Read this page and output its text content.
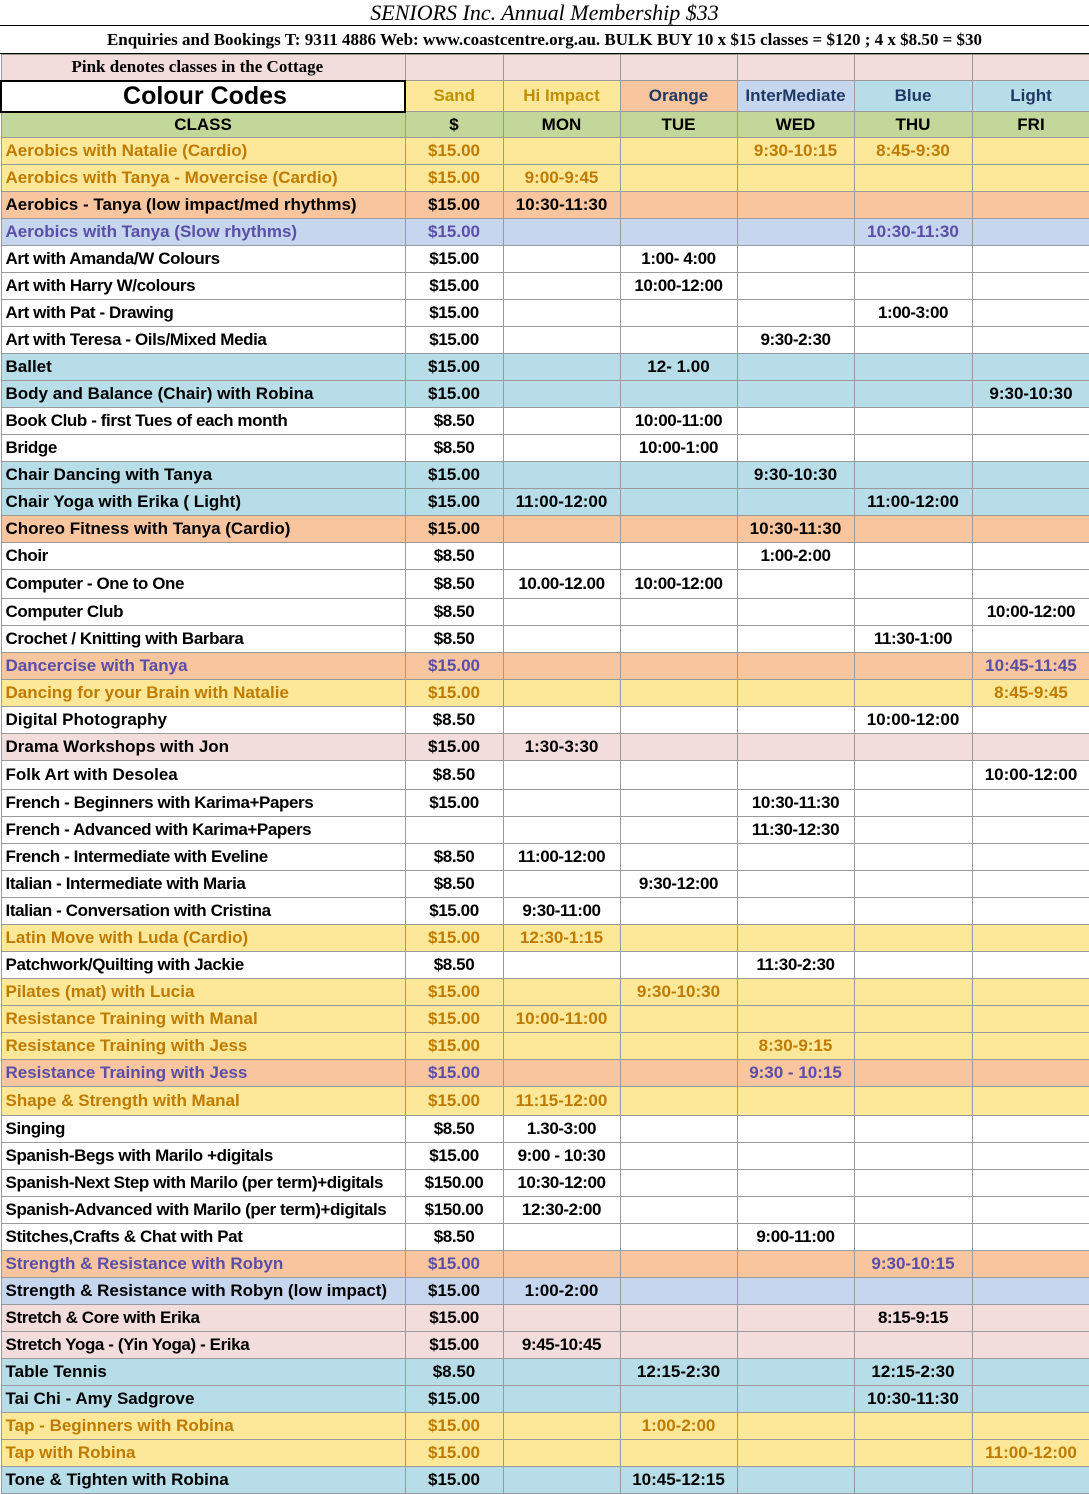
SENIORS Inc. Annual Membership $33
Enquiries and Bookings T: 9311 4886 Web: www.coastcentre.org.au. BULK BUY 10 x $15 classes = $120 ; 4 x $8.50 = $30
Pink denotes classes in the Cottage						
Colour Codes	Sand	Hi Impact	Orange	InterMediate	Blue	Light
CLASS	$	MON	TUE	WED	THU	FRI
Aerobics with Natalie (Cardio)	$15.00			9:30-10:15	8:45-9:30	
Aerobics with Tanya - Movercise (Cardio)	$15.00	9:00-9:45				
Aerobics - Tanya (low impact/med rhythms)	$15.00	10:30-11:30				
Aerobics with Tanya (Slow rhythms)	$15.00				10:30-11:30	
Art with Amanda/W Colours	$15.00		1:00- 4:00			
Art with Harry W/colours	$15.00		10:00-12:00			
Art with Pat - Drawing	$15.00				1:00-3:00	
Art with Teresa - Oils/Mixed Media	$15.00			9:30-2:30		
Ballet	$15.00		12- 1.00			
Body and Balance (Chair) with Robina	$15.00					9:30-10:30
Book Club - first Tues of each month	$8.50		10:00-11:00			
Bridge	$8.50		10:00-1:00			
Chair Dancing with Tanya	$15.00			9:30-10:30		
Chair Yoga with Erika ( Light)	$15.00	11:00-12:00			11:00-12:00	
Choreo Fitness with Tanya (Cardio)	$15.00			10:30-11:30		
Choir	$8.50			1:00-2:00		
Computer - One to One	$8.50	10.00-12.00	10:00-12:00			
Computer Club	$8.50					10:00-12:00
Crochet / Knitting with Barbara	$8.50				11:30-1:00	
Dancercise with Tanya	$15.00					10:45-11:45
Dancing for your Brain with Natalie	$15.00					8:45-9:45
Digital Photography	$8.50				10:00-12:00	
Drama Workshops with Jon	$15.00	1:30-3:30				
Folk Art with Desolea	$8.50					10:00-12:00
French - Beginners with Karima+Papers	$15.00			10:30-11:30		
French - Advanced with Karima+Papers				11:30-12:30		
French - Intermediate with Eveline	$8.50	11:00-12:00				
Italian - Intermediate with Maria	$8.50		9:30-12:00			
Italian - Conversation with Cristina	$15.00	9:30-11:00				
Latin Move with Luda (Cardio)	$15.00	12:30-1:15				
Patchwork/Quilting with Jackie	$8.50			11:30-2:30		
Pilates (mat) with Lucia	$15.00		9:30-10:30			
Resistance Training with Manal	$15.00	10:00-11:00				
Resistance Training with Jess	$15.00			8:30-9:15		
Resistance Training with Jess	$15.00			9:30 - 10:15		
Shape & Strength with Manal	$15.00	11:15-12:00				
Singing	$8.50	1.30-3:00				
Spanish-Begs with Marilo +digitals	$15.00	9:00 - 10:30				
Spanish-Next Step with Marilo (per term)+digitals	$150.00	10:30-12:00				
Spanish-Advanced with Marilo (per term)+digitals	$150.00	12:30-2:00				
Stitches,Crafts & Chat with Pat	$8.50			9:00-11:00		
Strength & Resistance with Robyn	$15.00				9:30-10:15	
Strength & Resistance with Robyn (low impact)	$15.00	1:00-2:00				
Stretch & Core with Erika	$15.00				8:15-9:15	
Stretch Yoga - (Yin Yoga) - Erika	$15.00	9:45-10:45				
Table Tennis	$8.50		12:15-2:30		12:15-2:30	
Tai Chi - Amy Sadgrove	$15.00				10:30-11:30	
Tap - Beginners with Robina	$15.00		1:00-2:00			
Tap with Robina	$15.00					11:00-12:00
Tone & Tighten with Robina	$15.00		10:45-12:15			
